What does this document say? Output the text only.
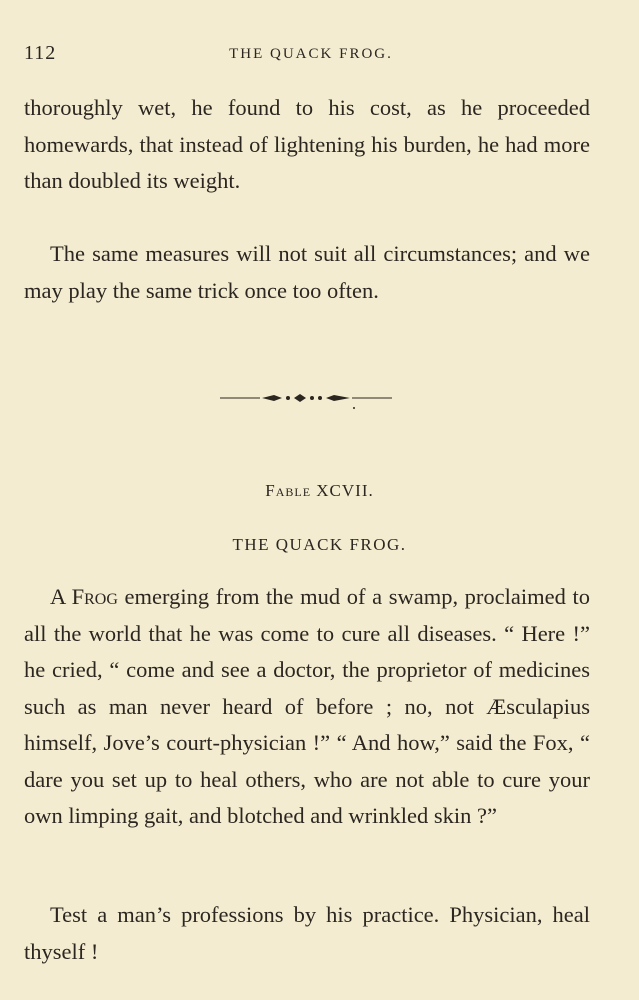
112	THE QUACK FROG.

thoroughly wet, he found to his cost, as he proceeded homewards, that instead of lightening his burden, he had more than doubled its weight.

The same measures will not suit all circumstances; and we may play the same trick once too often.

A Frog emerging from the mud of a swamp, proclaimed to all the world that he was come to cure all diseases. “ Here !” he cried, “ come and see a doctor, the proprietor of medicines such as man never heard of before ; no, not Æsculapius himself, Jove’s court-physician !” “ And how,” said the Fox, “ dare you set up to heal others, who are not able to cure your own limping gait, and blotched and wrinkled skin ?”

Test a man’s professions by his practice. Physician, heal thyself !

Fable XCVII.
THE QUACK FROG.
